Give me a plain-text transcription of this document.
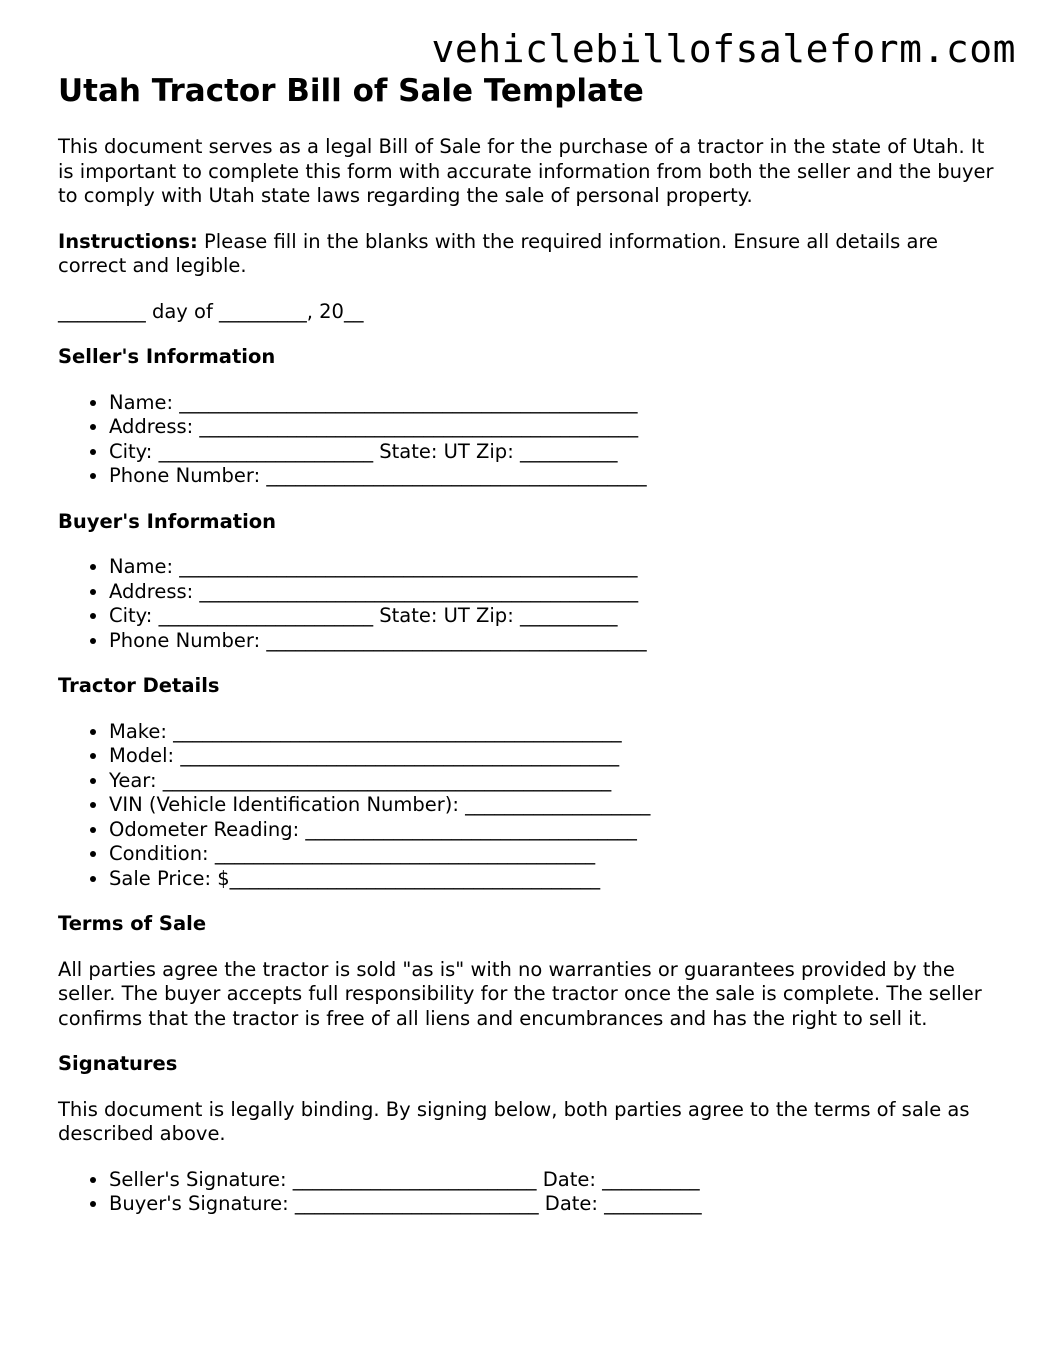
vehiclebillofsaleform.com
Utah Tractor Bill of Sale Template

This document serves as a legal Bill of Sale for the purchase of a tractor in the state of Utah. It is important to complete this form with accurate information from both the seller and the buyer to comply with Utah state laws regarding the sale of personal property.

Instructions: Please fill in the blanks with the required information. Ensure all details are correct and legible.

_________ day of _________, 20__

Seller's Information
• Name: _______________________________________________
• Address: _____________________________________________
• City: ______________________ State: UT Zip: __________
• Phone Number: _______________________________________
Buyer's Information
• Name: _______________________________________________
• Address: _____________________________________________
• City: ______________________ State: UT Zip: __________
• Phone Number: _______________________________________
Tractor Details
• Make: ______________________________________________
• Model: _____________________________________________
• Year: ______________________________________________
• VIN (Vehicle Identification Number): ___________________
• Odometer Reading: __________________________________
• Condition: _______________________________________
• Sale Price: $______________________________________
Terms of Sale

All parties agree the tractor is sold "as is" with no warranties or guarantees provided by the seller. The buyer accepts full responsibility for the tractor once the sale is complete. The seller confirms that the tractor is free of all liens and encumbrances and has the right to sell it.

Signatures

This document is legally binding. By signing below, both parties agree to the terms of sale as described above.

• Seller's Signature: _________________________ Date: __________
• Buyer's Signature: _________________________ Date: __________
